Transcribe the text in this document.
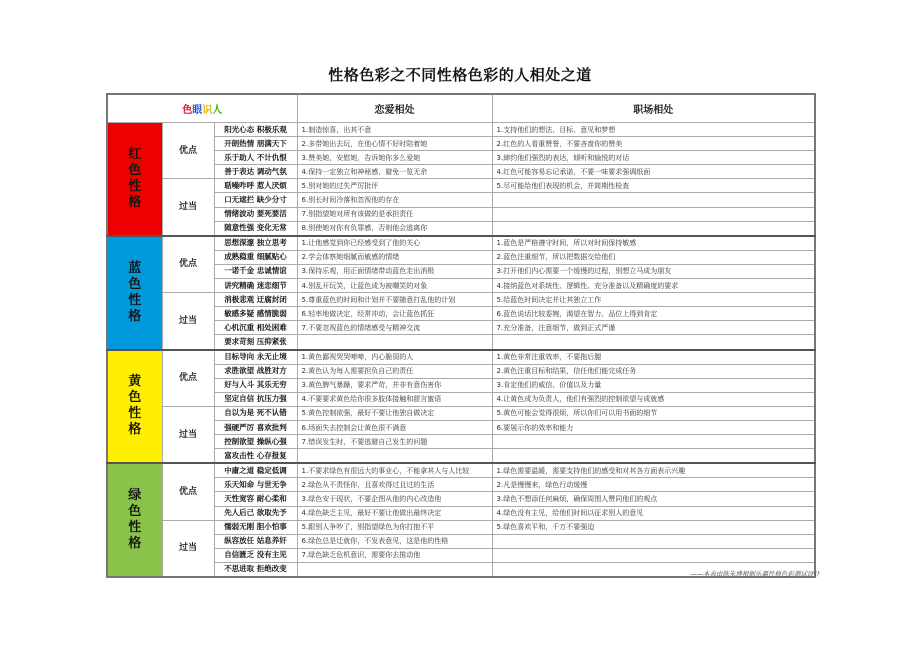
性格色彩之不同性格色彩的人相处之道
色眼识人			恋爱相处	职场相处

红色性格	优点	阳光心态 积极乐观	1.制造惊喜，出其不意	1.支持他们的想法、目标、意见和梦想
		开朗热情 朋满天下	2.多带她出去玩，在他心情不好时陪着她	2.红色的人看重赞誉，不要吝啬你的赞美
		乐于助人 不计仇恨	3.赞美她，安慰她，告诉她你多么爱她	3.締约他们强烈的表达，倾听和愉悦的对话
		善于表达 调动气氛	4.保持一定独立和神秘感，避免一览无余	4.红色可能容易忘记承诺，不要一味要求强调纸面
	过当	聒噪咋呼 惹人厌烦	5.别对她的过失严厉批评	5.尽可能给他们表现的机会，并简期性检查
		口无遮拦 缺少分寸	6.别长时间冷落和忽视他的存在	
		情绪波动 要死要活	7.别指望她对所有该做的是承担责任	
		随意性强 变化无常	8.别使她对你有负罪感，否则他会逃离你	

蓝色性格	优点	思想深邃 独立思考	1.让他感觉到你已经感受到了他的关心	1.蓝色是严格遵守时间，所以对时间保持敏感
		成熟稳重 细腻贴心	2.学会体察她细腻而敏感的情绪	2.蓝色注重细节，所以把数据交给他们
		一诺千金 忠诚情谊	3.保持乐观，用正面情绪带动蓝色走出消极	3.打开他们内心需要一个缓慢的过程，别想立马成为朋友
		讲究精确 迷恋细节	4.别乱开玩笑，让蓝色成为被嘲笑的对象	4.接纳蓝色对系统性、逻辑性、充分准备以及精确度的要求
	过当	消极悲观 迂腐封闭	5.尊重蓝色的时间和计划并不要随意打乱他的计划	5.给蓝色时间决定并让其独立工作
		敏感多疑 感情脆弱	6.轻率地做决定，经常冲动，会让蓝色抓狂	6.蓝色说话比较委婉，渴望在智力、品位上得到肯定
		心机沉重 相处困难	7.不要忽视蓝色的情绪感受与精神交流	7.充分准备，注意细节，做到正式严谨
		要求苛刻 压抑紧张		

黄色性格	优点	目标导向 永无止境	1.黄色鄙视哭哭啼啼，内心脆弱的人	1.黄色非常注重效率，不要拖后腿
		求胜欲望 战胜对方	2.黄色认为每人需要担负自己的责任	2.黄色注重目标和结果，信任他们能完成任务
		好与人斗 其乐无穷	3.黄色脾气暴躁，要求严苛，并非有意伤害你	3.肯定他们的威信、价值以及力量
		坚定自信 抗压力强	4.不要要求黄色给你很多肢体接触和甜言蜜语	4.让黄色成为负责人，他们有强烈的控制欲望与成就感
	过当	自以为是 死不认错	5.黄色控制欲强，最好不要让他独自做决定	5.黄色可能会觉得很烦，所以你们可以用书面的细节
		强硬严厉 喜欢批判	6.场面失去控制会让黄色很不满意	6.要展示你的效率和能力
		控制欲望 操纵心强	7.错误发生时，不要逃避自己发生的问题	
		富攻击性 心存报复		

绿色性格	优点	中庸之道 稳定低调	1.不要求绿色有很远大的事业心，不能拿其人与人比较	1.绿色需要温暖，需要支持他们的感受和对其各方面表示兴趣
		乐天知命 与世无争	2.绿色从不责怪你，且喜欢得过且过的生活	2.凡是慢慢来，绿色行动缓慢
		天性宽容 耐心柔和	3.绿色安于现状，不要企图从他的内心改造他	3.绿色不想添任何麻烦，确保周围人赞同他们的观点
		先人后己 欲取先予	4.绿色缺乏主见，最好不要让他做出最终决定	4.绿色没有主见，给他们时间以征求别人的意见
	过当	懦弱无刚 胆小怕事	5.跟别人争吵了，别指望绿色为你打抱不平	5.绿色喜欢平和，千万不要强迫
		纵容放任 姑息养奸	6.绿色总是迁就你，不发表意见，这是他的性格	
		自信匮乏 没有主见	7.绿色缺乏危机意识，需要你去推动他	
		不思进取 拒绝改变		
——本表由陈朱博根据乐嘉性格色彩测试设计
